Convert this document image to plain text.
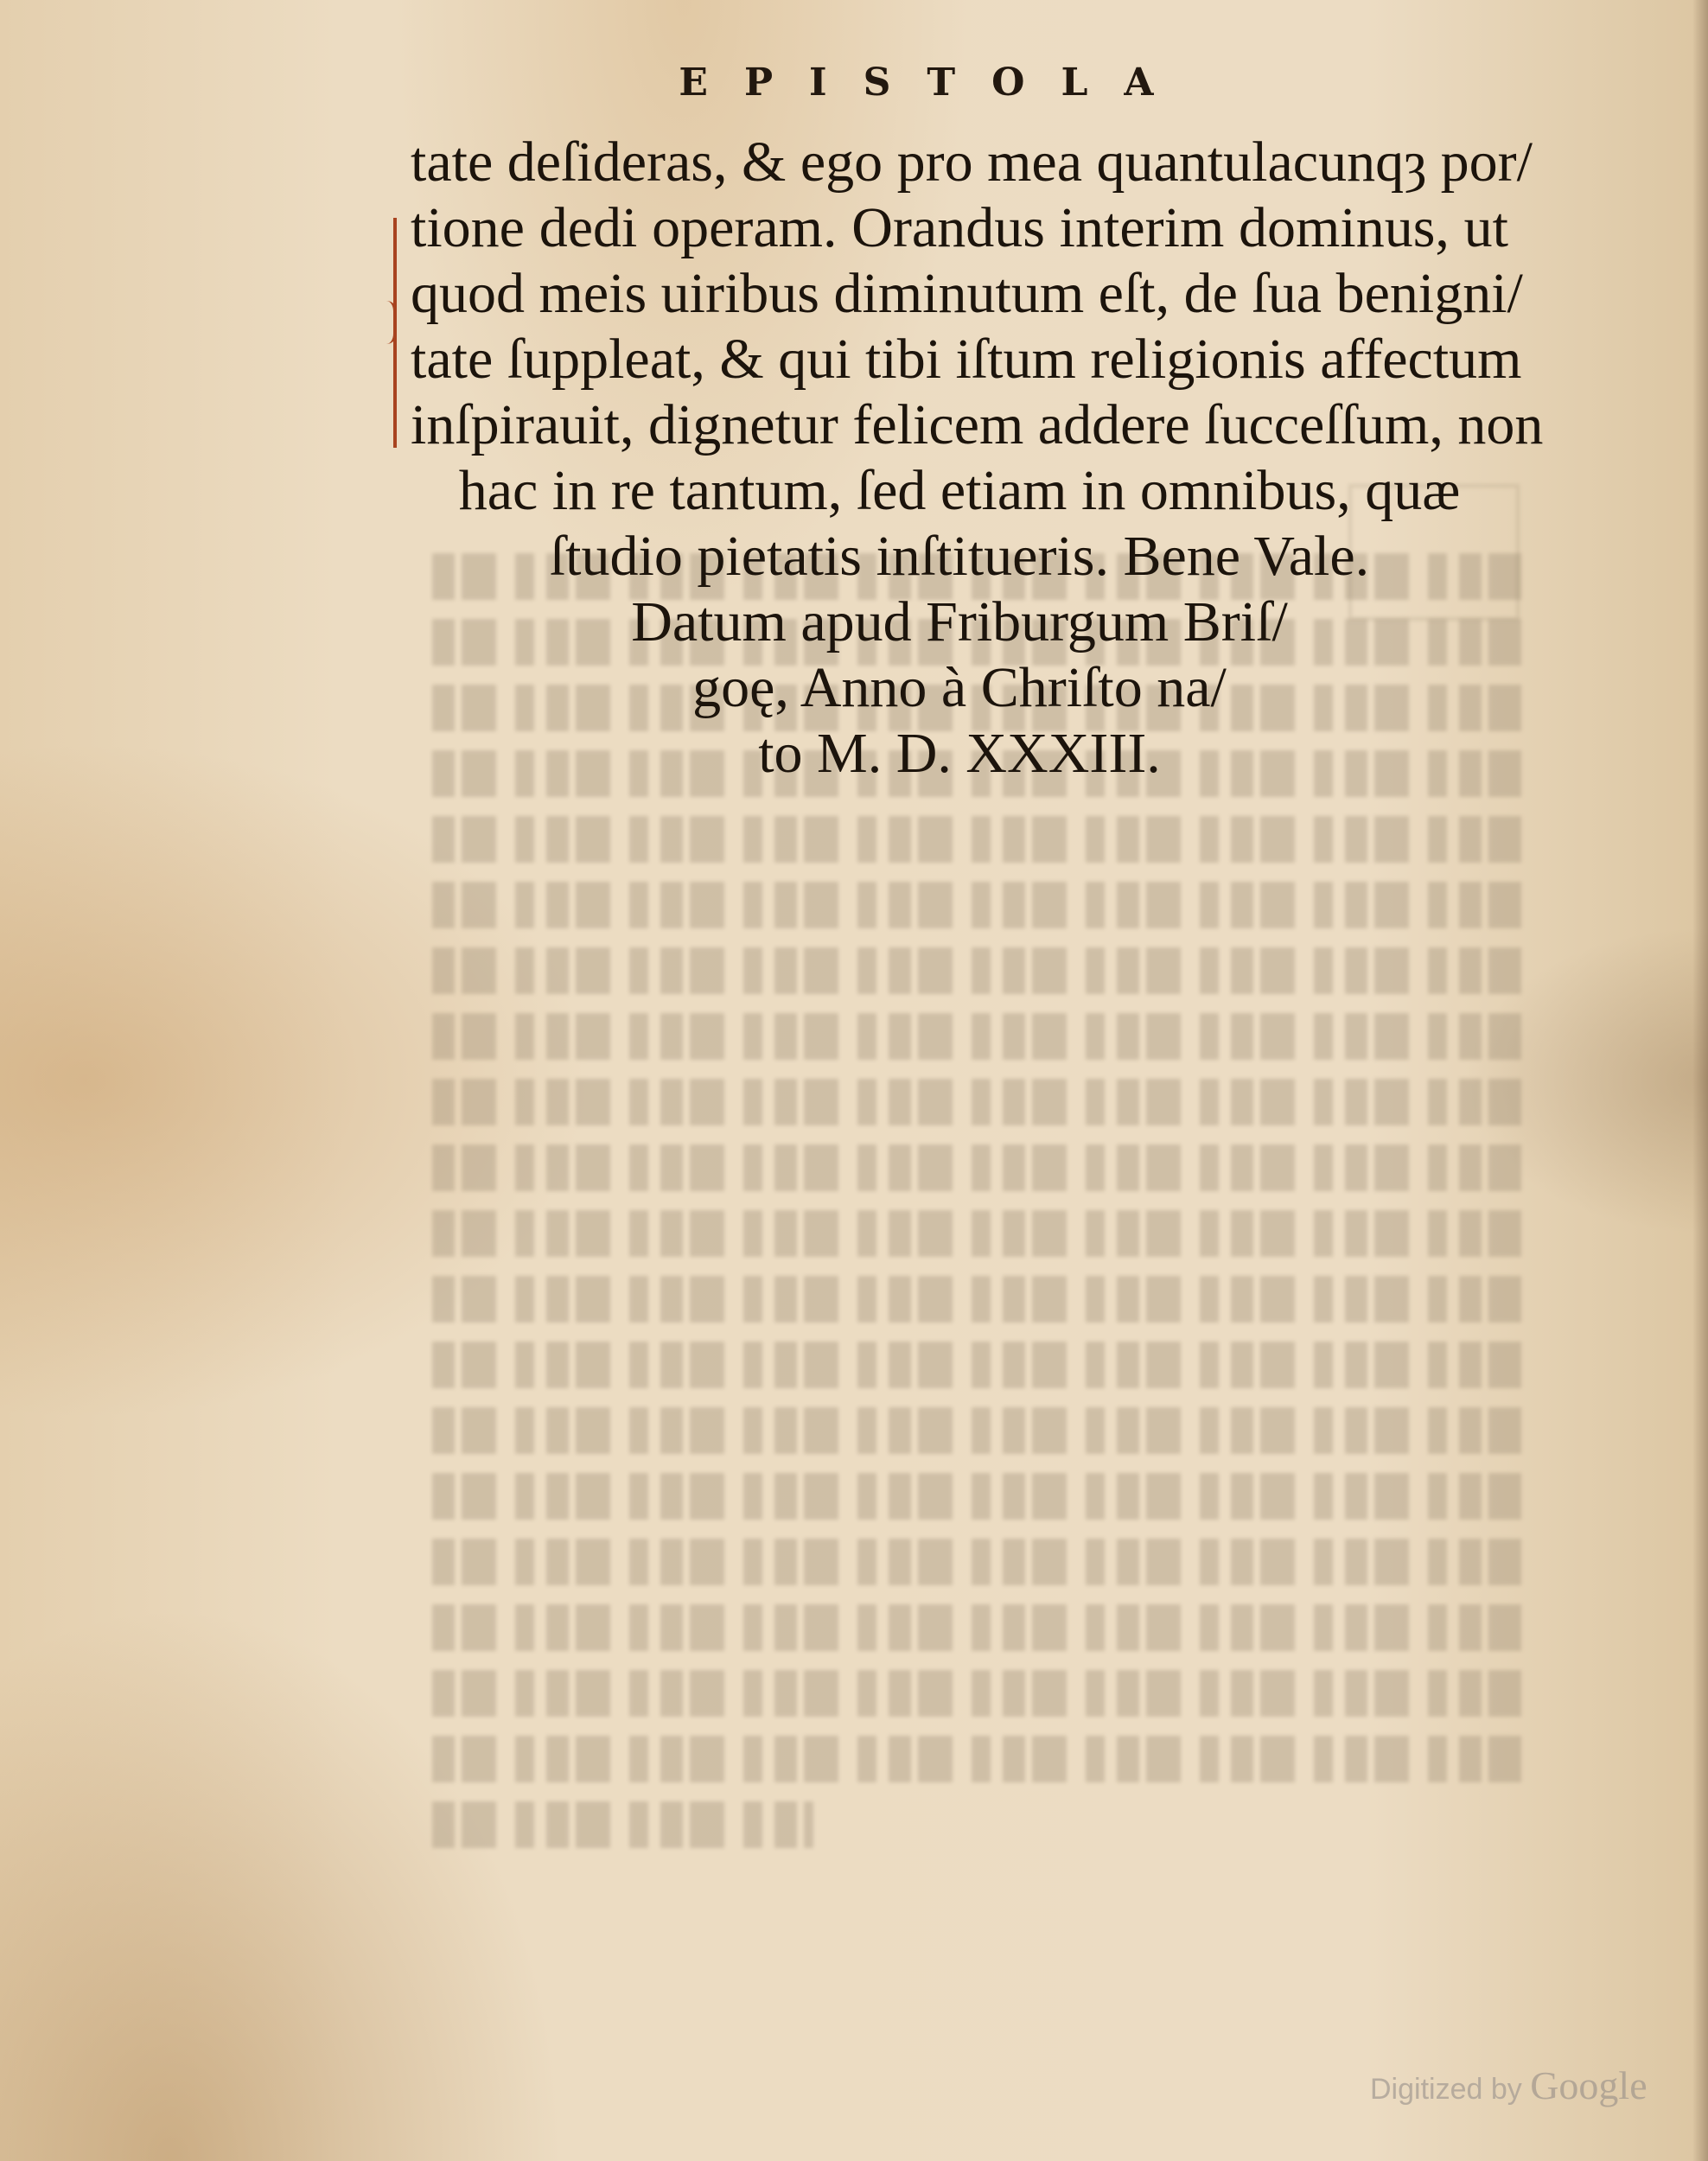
EPISTOLA
tate deſideras, & ego pro mea quantulacunqȝ por/
tione dedi operam. Orandus interim dominus, ut
quod meis uiribus diminutum eſt, de ſua benigni/
tate ſuppleat, & qui tibi iſtum religionis affectum
inſpirauit, dignetur felicem addere ſucceſſum, non
hac in re tantum, ſed etiam in omnibus, quæ
ſtudio pietatis inſtitueris. Bene Vale.
Datum apud Friburgum Briſ/
goę, Anno à Chriſto na/
to M. D. XXXIII.
Digitized by Google
